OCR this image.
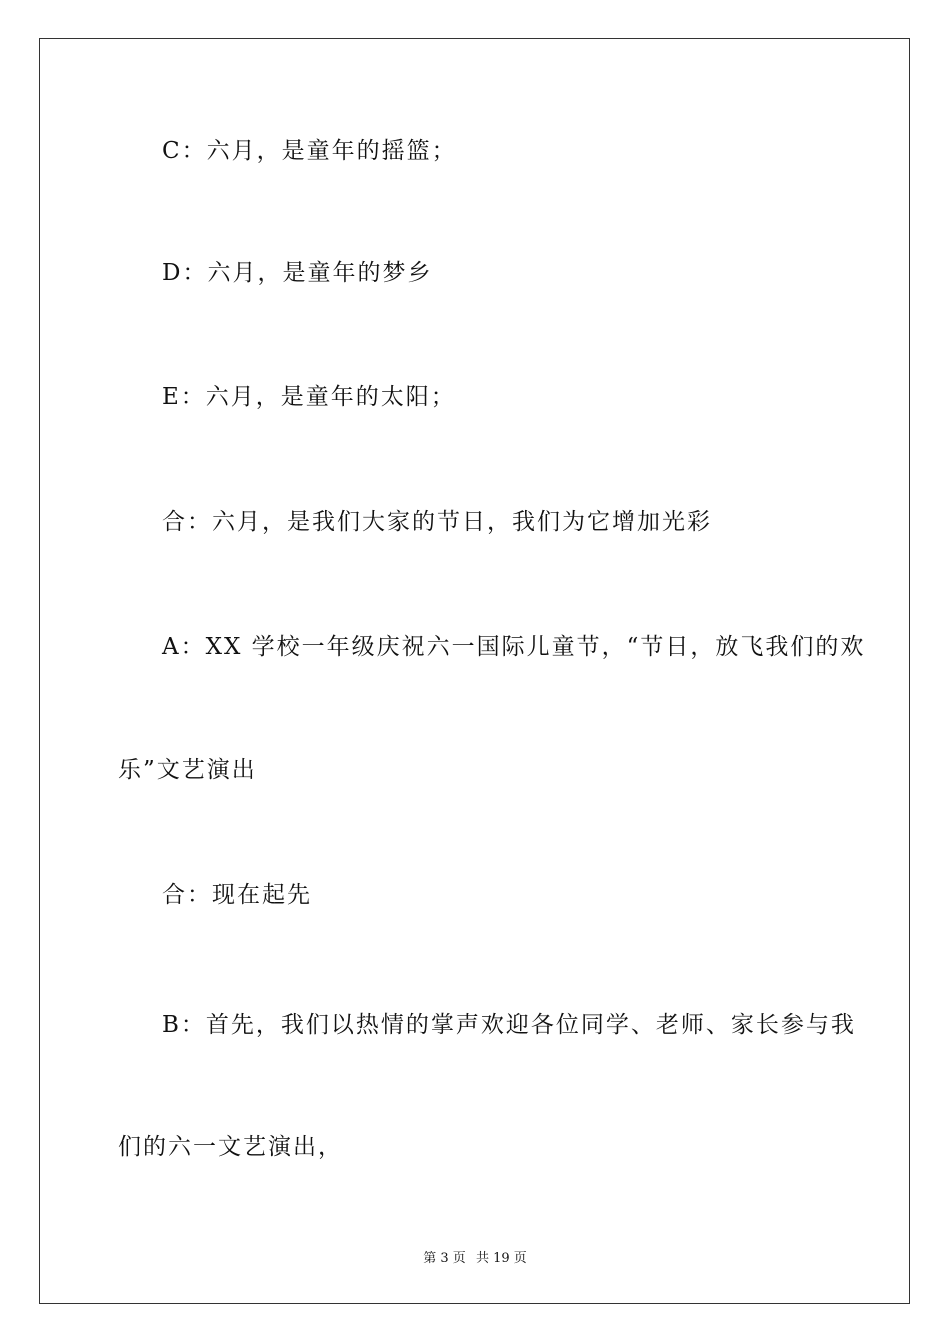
C：六月，是童年的摇篮；
D：六月，是童年的梦乡
E：六月，是童年的太阳；
合：六月，是我们大家的节日，我们为它增加光彩
A：XX 学校一年级庆祝六一国际儿童节，“节日，放飞我们的欢
乐”文艺演出
合：现在起先
B：首先，我们以热情的掌声欢迎各位同学、老师、家长参与我
们的六一文艺演出，
第 3 页 共 19 页
